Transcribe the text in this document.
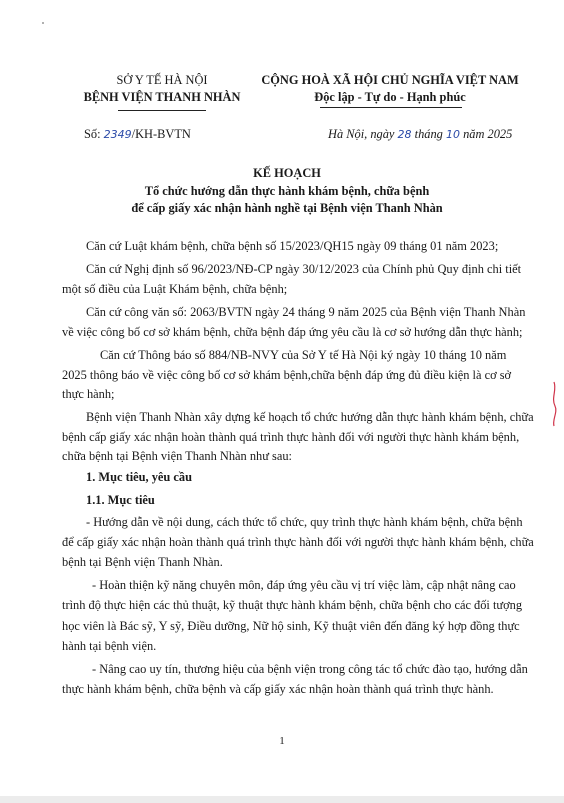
SỞ Y TẾ HÀ NỘI
BỆNH VIỆN THANH NHÀN
Số: 2349/KH-BVTN
CỘNG HOÀ XÃ HỘI CHỦ NGHĨA VIỆT NAM
Độc lập - Tự do - Hạnh phúc
Hà Nội, ngày 28 tháng 10 năm 2025
KẾ HOẠCH
Tổ chức hướng dẫn thực hành khám bệnh, chữa bệnh
để cấp giấy xác nhận hành nghề tại Bệnh viện Thanh Nhàn
Căn cứ Luật khám bệnh, chữa bệnh số 15/2023/QH15 ngày 09 tháng 01 năm 2023;
Căn cứ Nghị định số 96/2023/NĐ-CP ngày 30/12/2023 của Chính phủ Quy định chi tiết
một số điều của Luật Khám bệnh, chữa bệnh;
Căn cứ công văn số: 2063/BVTN ngày 24 tháng 9 năm 2025 của Bệnh viện Thanh Nhàn
về việc công bố cơ sở khám bệnh, chữa bệnh đáp ứng yêu cầu là cơ sở hướng dẫn thực hành;
Căn cứ Thông báo số 884/NB-NVY của Sở Y tế Hà Nội ký ngày 10 tháng 10 năm
2025 thông báo về việc công bố cơ sở khám bệnh,chữa bệnh đáp ứng đủ điều kiện là cơ sở
thực hành;
Bệnh viện Thanh Nhàn xây dựng kế hoạch tổ chức hướng dẫn thực hành khám bệnh, chữa
bệnh cấp giấy xác nhận hoàn thành quá trình thực hành đối với người thực hành khám bệnh,
chữa bệnh tại Bệnh viện Thanh Nhàn như sau:
1. Mục tiêu, yêu cầu
1.1. Mục tiêu
- Hướng dẫn về nội dung, cách thức tổ chức, quy trình thực hành khám bệnh, chữa bệnh
để cấp giấy xác nhận hoàn thành quá trình thực hành đối với người thực hành khám bệnh, chữa
bệnh tại Bệnh viện Thanh Nhàn.
- Hoàn thiện kỹ năng chuyên môn, đáp ứng yêu cầu vị trí việc làm, cập nhật nâng cao
trình độ thực hiện các thủ thuật, kỹ thuật thực hành khám bệnh, chữa bệnh cho các đối tượng
học viên là Bác sỹ, Y sỹ, Điều dưỡng, Nữ hộ sinh, Kỹ thuật viên đến đăng ký hợp đồng thực
hành tại bệnh viện.
- Nâng cao uy tín, thương hiệu của bệnh viện trong công tác tổ chức đào tạo, hướng dẫn
thực hành khám bệnh, chữa bệnh và cấp giấy xác nhận hoàn thành quá trình thực hành.
1
